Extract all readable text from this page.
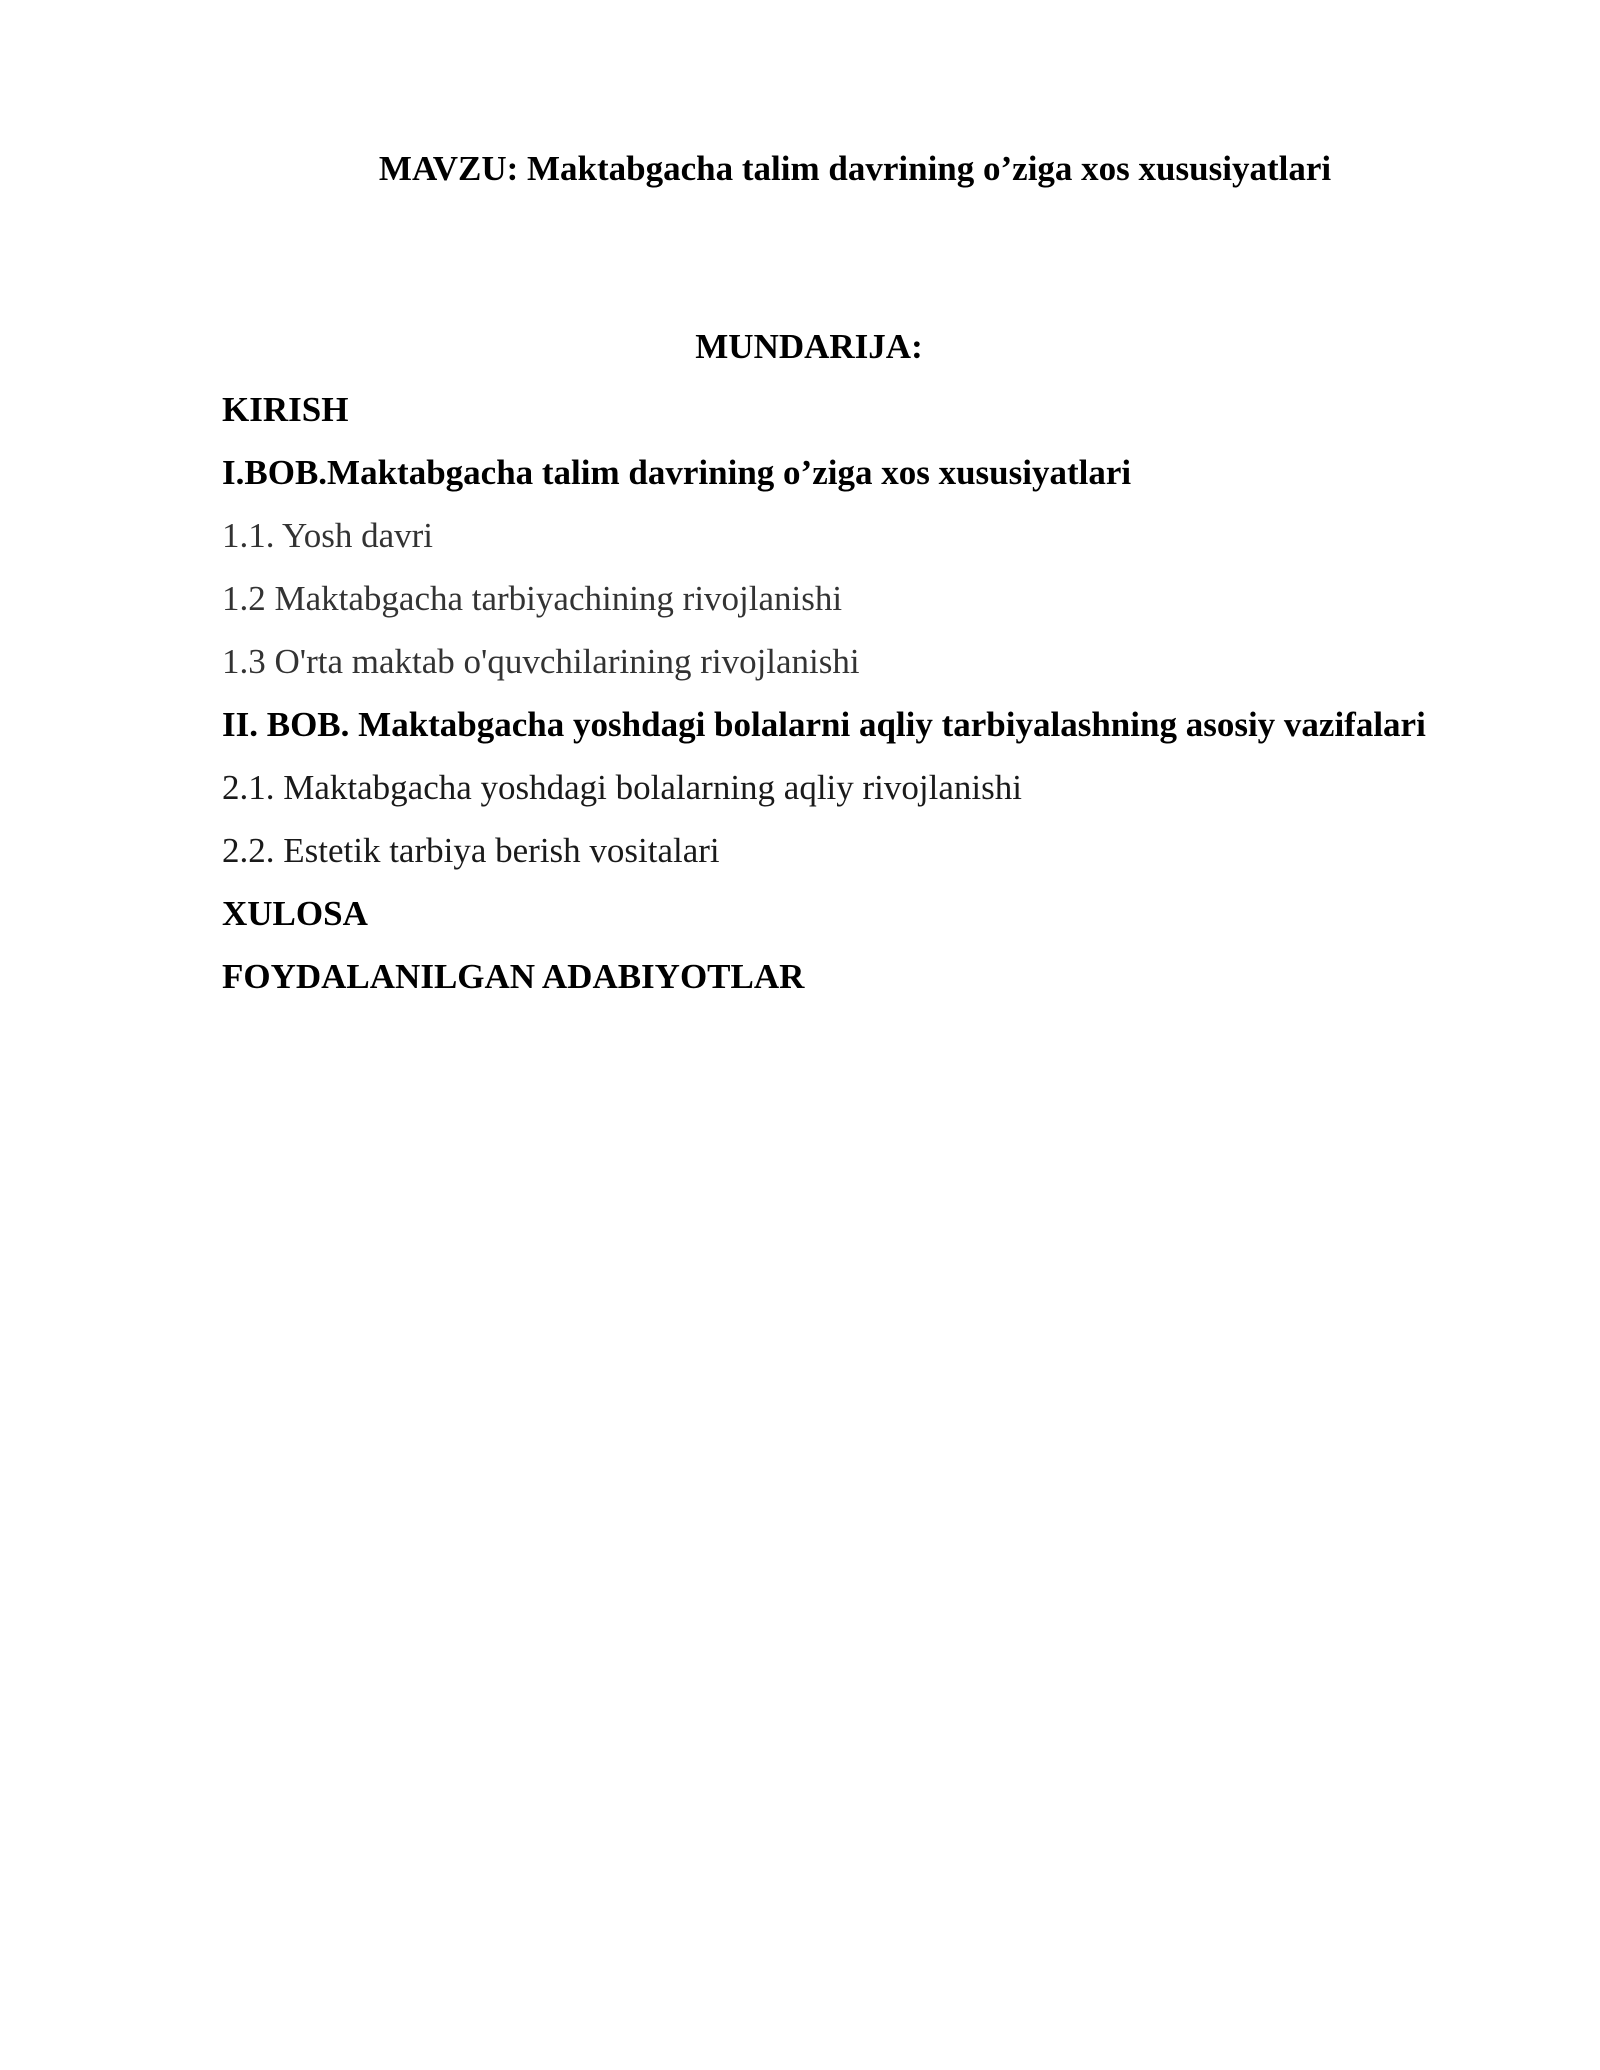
MAVZU: Maktabgacha talim davrining o’ziga xos xususiyatlari
MUNDARIJA:
KIRISH
I.BOB.Maktabgacha talim davrining o’ziga xos xususiyatlari
1.1. Yosh davri
1.2 Maktabgacha tarbiyachining rivojlanishi
1.3 O'rta maktab o'quvchilarining rivojlanishi
II. BOB. Maktabgacha yoshdagi bolalarni aqliy tarbiyalashning asosiy vazifalari
2.1. Maktabgacha yoshdagi bolalarning aqliy rivojlanishi
2.2. Estetik tarbiya berish vositalari
XULOSA
FOYDALANILGAN ADABIYOTLAR
